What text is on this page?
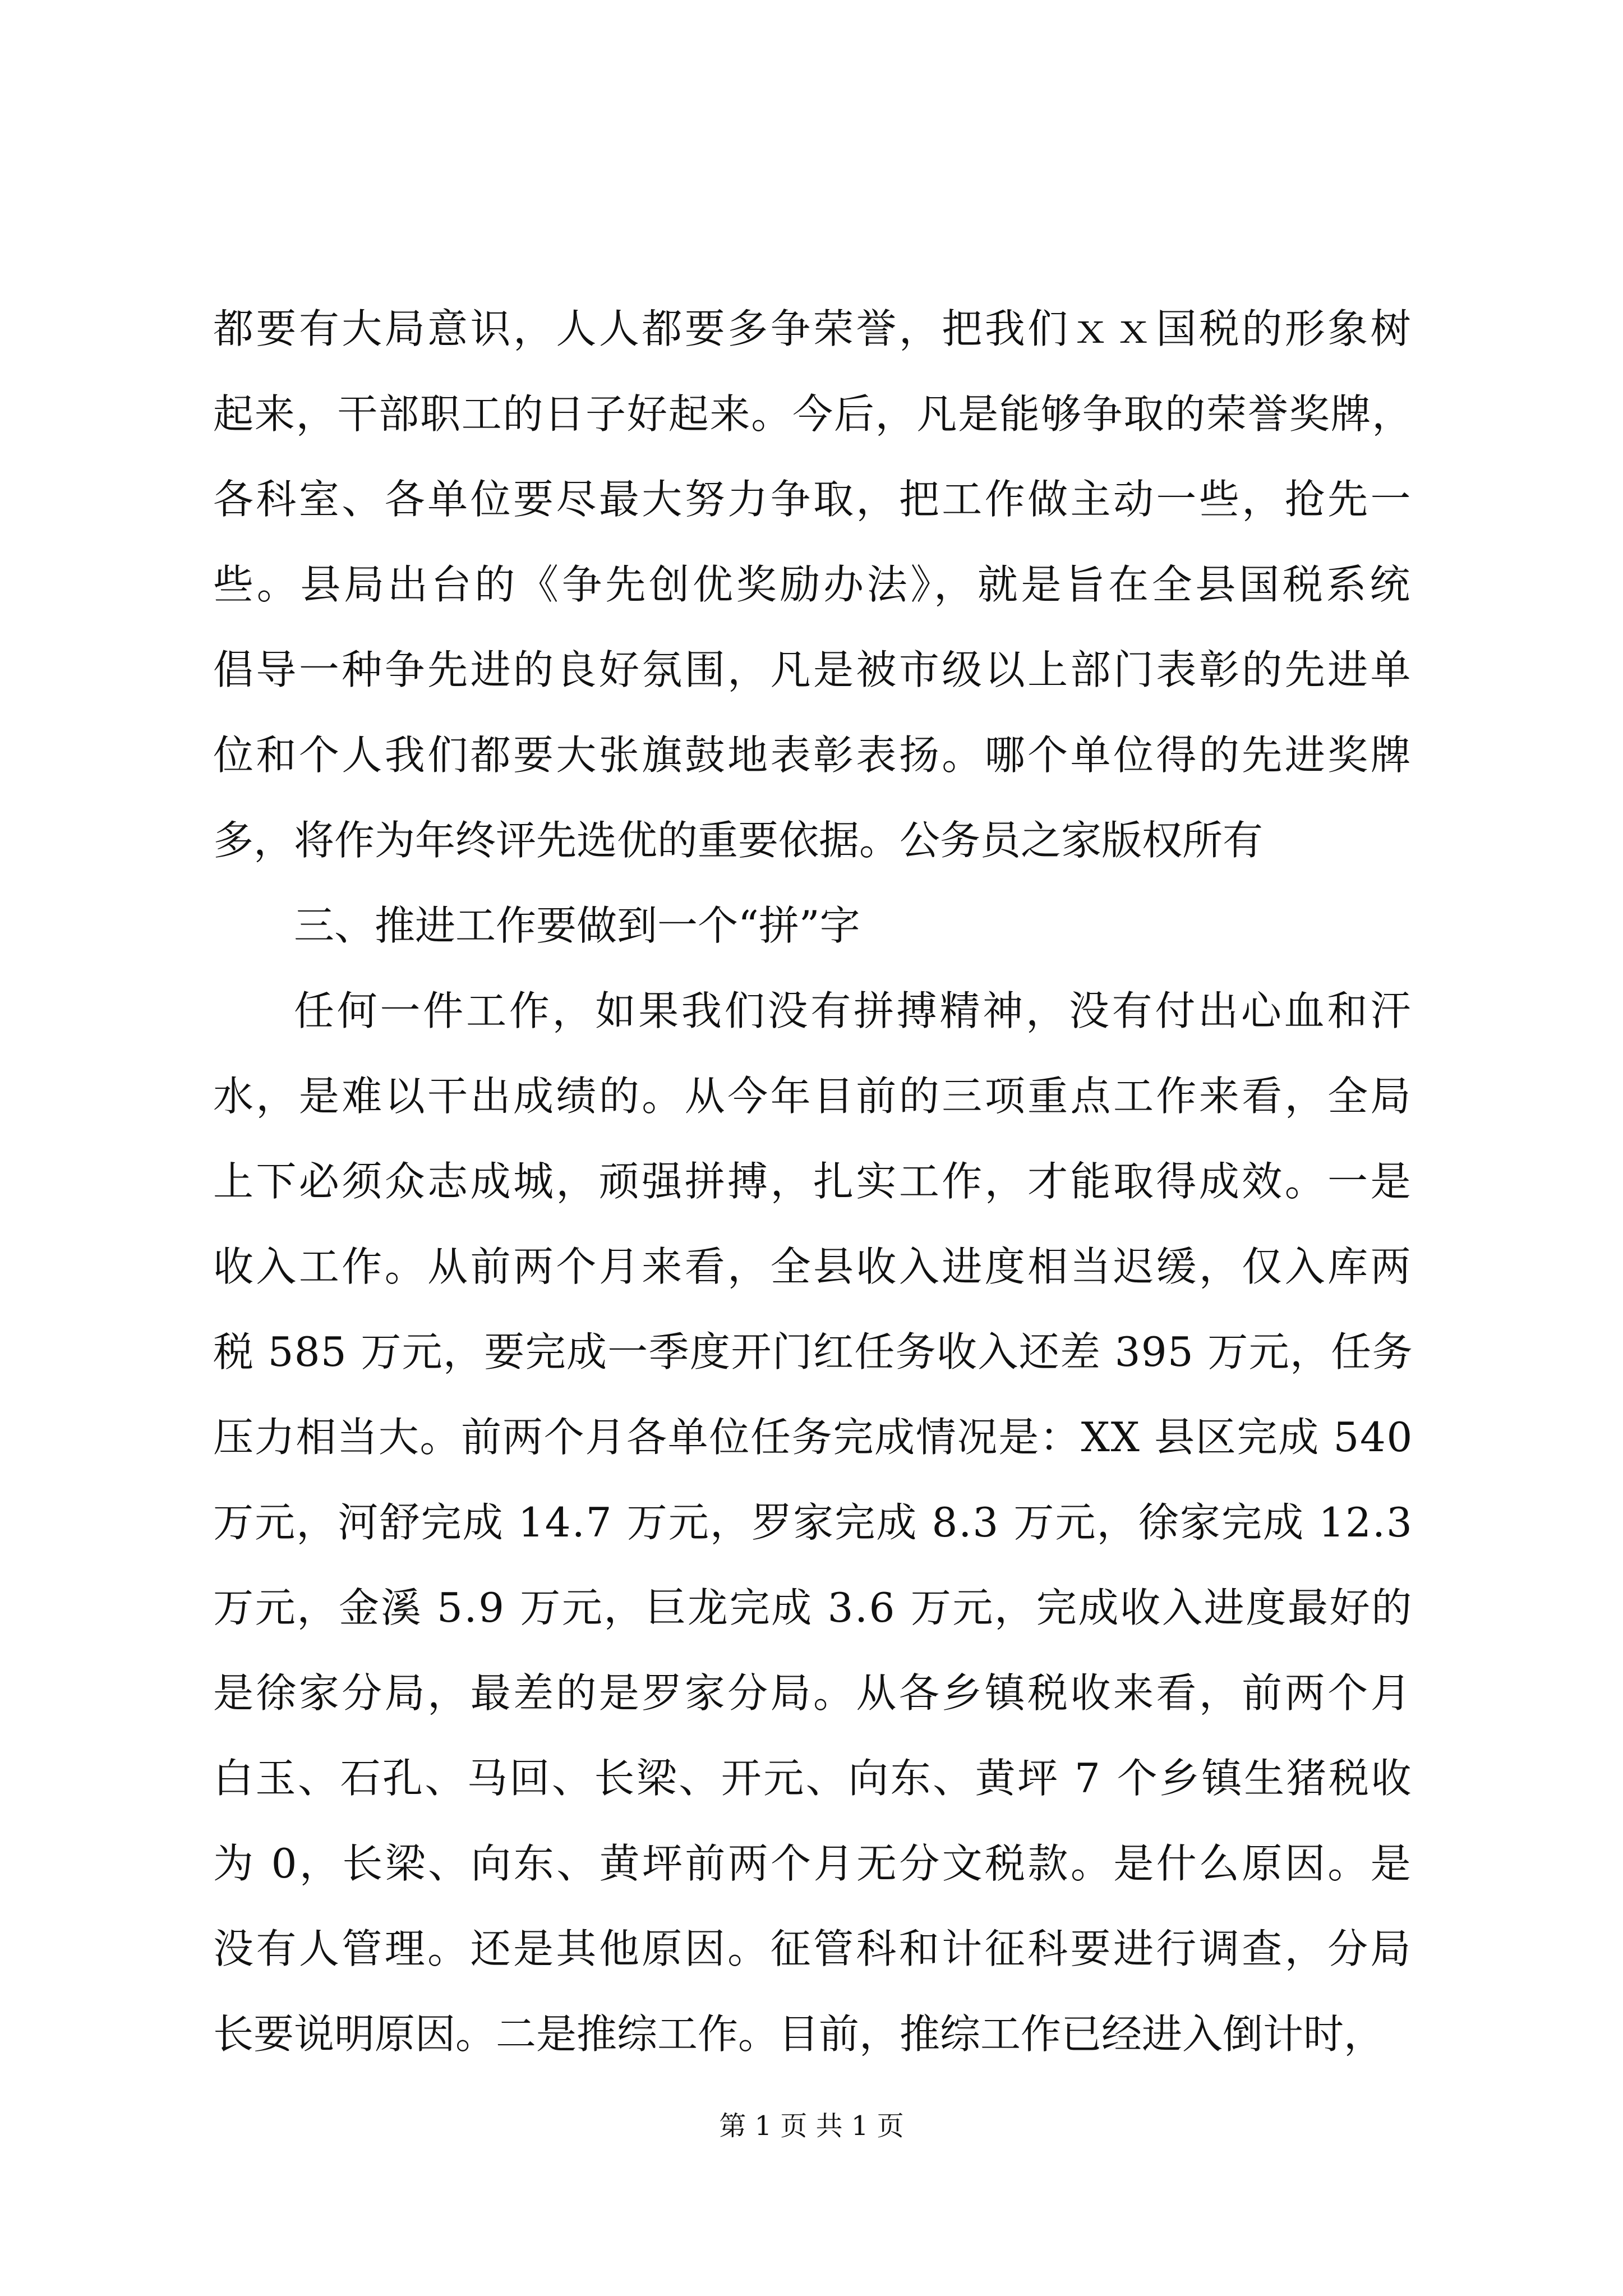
都要有大局意识，人人都要多争荣誉，把我们ｘｘ国税的形象树
起来，干部职工的日子好起来。今后，凡是能够争取的荣誉奖牌，
各科室、各单位要尽最大努力争取，把工作做主动一些，抢先一
些。县局出台的《争先创优奖励办法》，就是旨在全县国税系统
倡导一种争先进的良好氛围，凡是被市级以上部门表彰的先进单
位和个人我们都要大张旗鼓地表彰表扬。哪个单位得的先进奖牌
多，将作为年终评先选优的重要依据。公务员之家版权所有
三、推进工作要做到一个“拼”字
任何一件工作，如果我们没有拼搏精神，没有付出心血和汗
水，是难以干出成绩的。从今年目前的三项重点工作来看，全局
上下必须众志成城，顽强拼搏，扎实工作，才能取得成效。一是
收入工作。从前两个月来看，全县收入进度相当迟缓，仅入库两
税 585 万元，要完成一季度开门红任务收入还差 395 万元，任务
压力相当大。前两个月各单位任务完成情况是：XX 县区完成 540
万元，河舒完成 14.7 万元，罗家完成 8.3 万元，徐家完成 12.3
万元，金溪 5.9 万元，巨龙完成 3.6 万元，完成收入进度最好的
是徐家分局，最差的是罗家分局。从各乡镇税收来看，前两个月
白玉、石孔、马回、长梁、开元、向东、黄坪 7 个乡镇生猪税收
为 0，长梁、向东、黄坪前两个月无分文税款。是什么原因。是
没有人管理。还是其他原因。征管科和计征科要进行调查，分局
长要说明原因。二是推综工作。目前，推综工作已经进入倒计时，
第 1 页 共 1 页
